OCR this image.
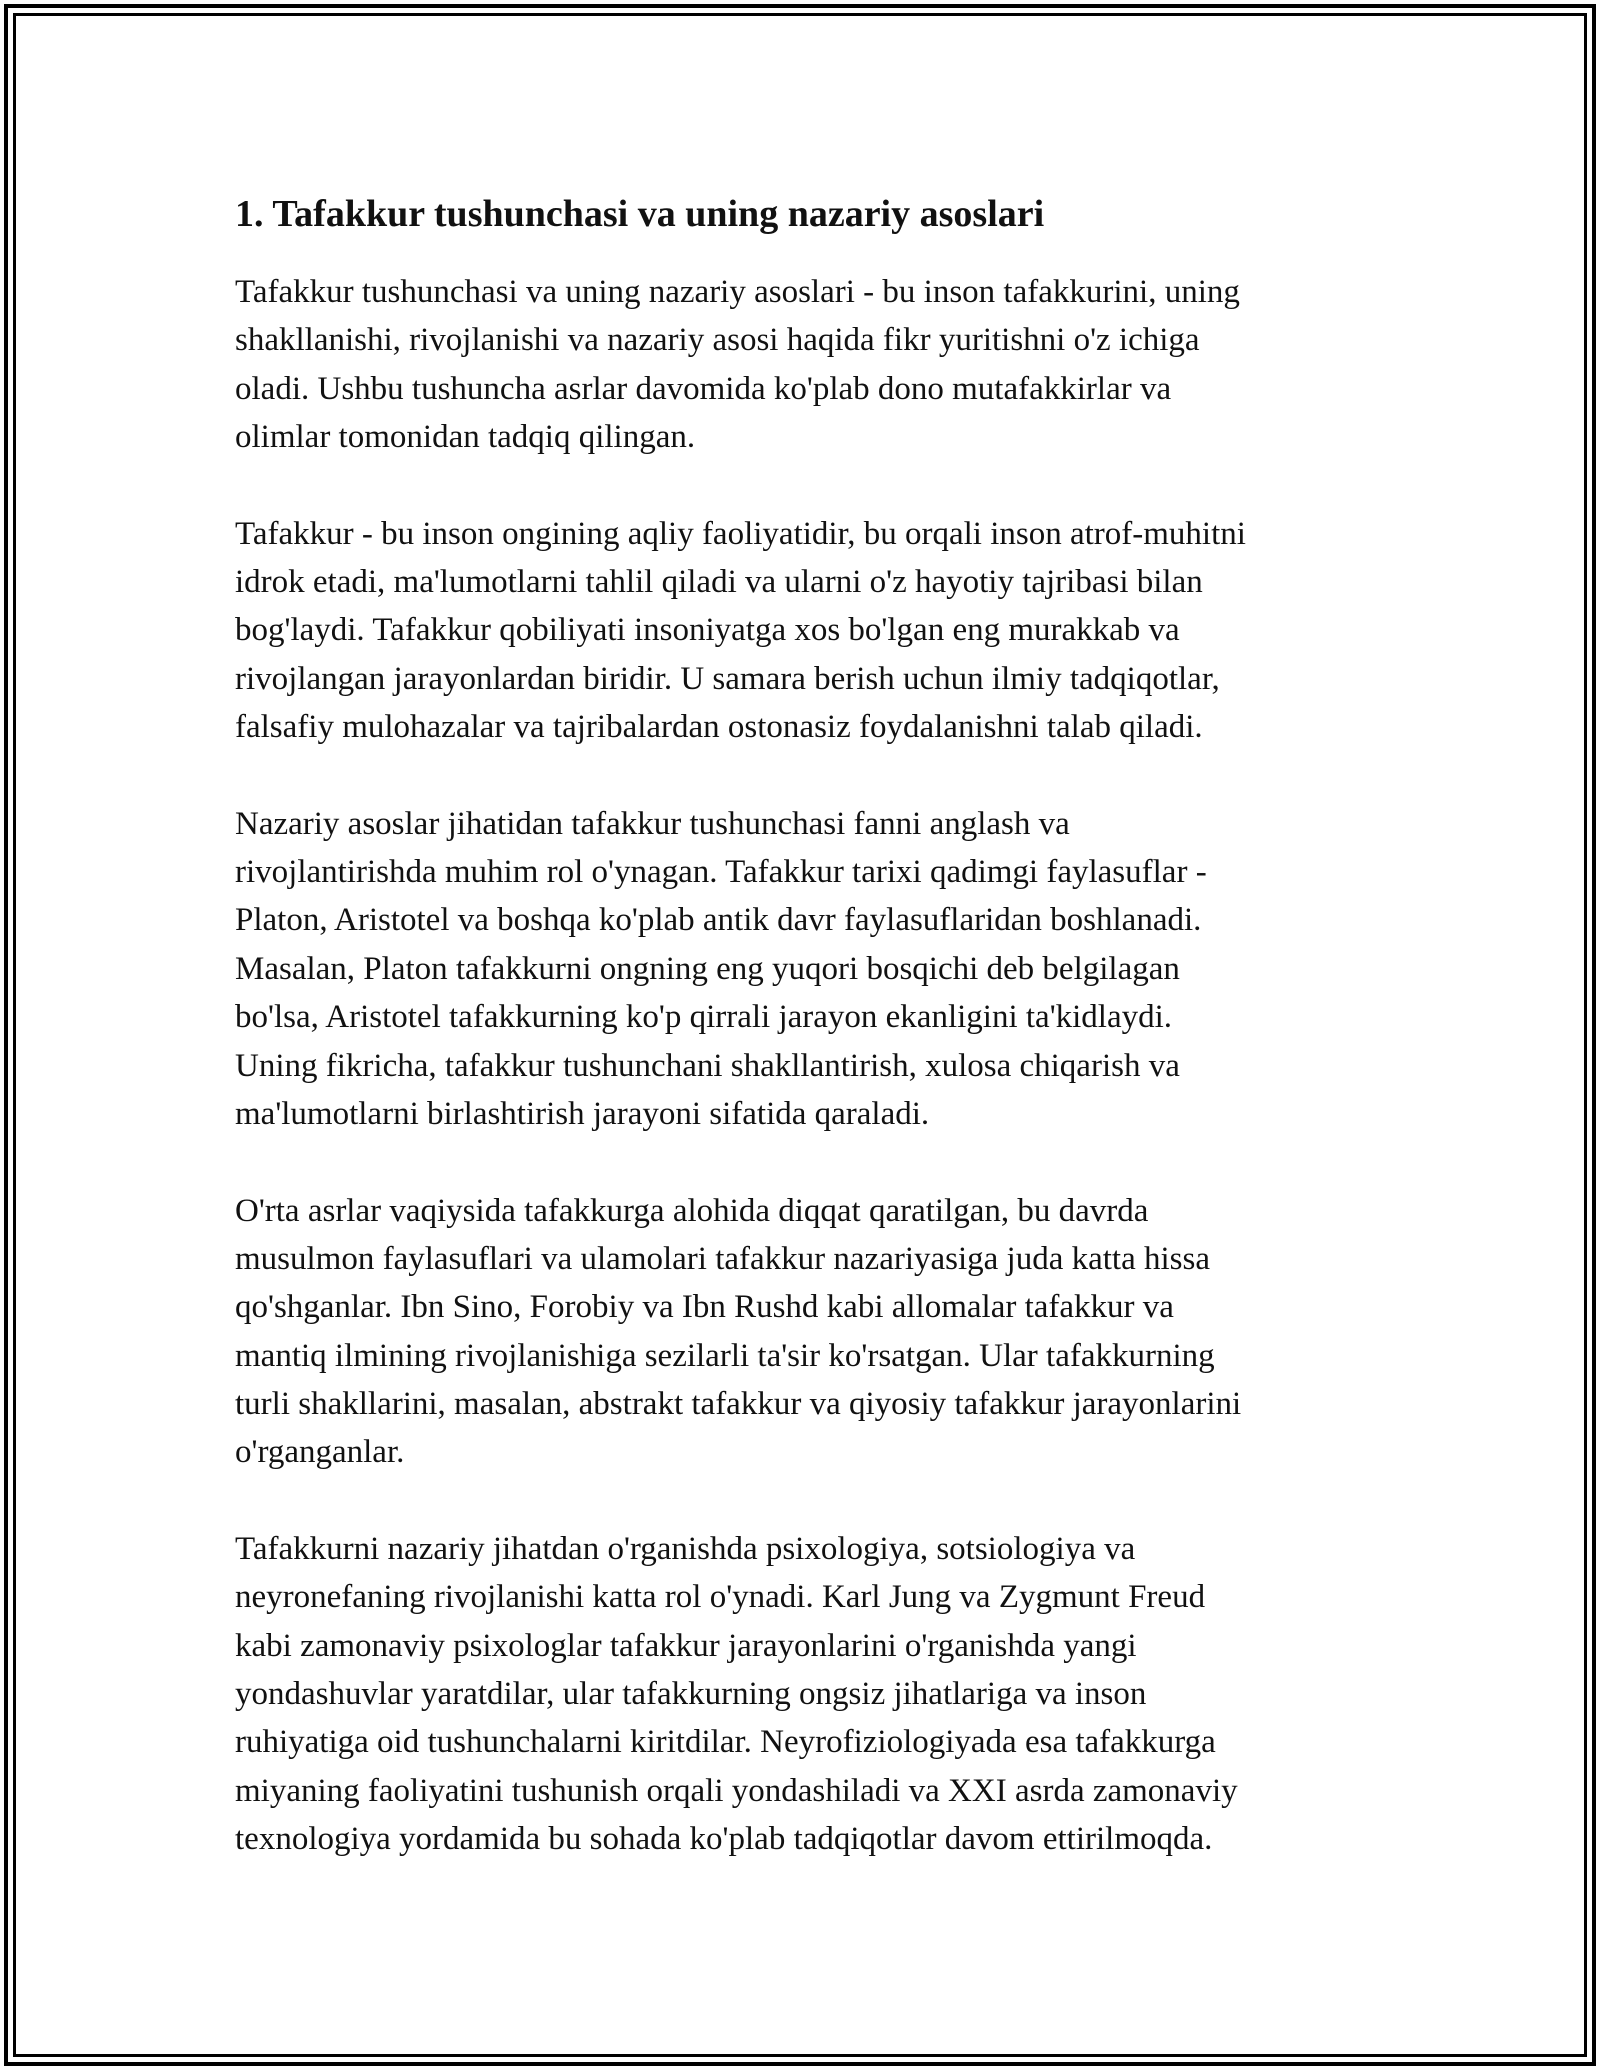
1. Tafakkur tushunchasi va uning nazariy asoslari

Tafakkur tushunchasi va uning nazariy asoslari - bu inson tafakkurini, uning
shakllanishi, rivojlanishi va nazariy asosi haqida fikr yuritishni o'z ichiga
oladi. Ushbu tushuncha asrlar davomida ko'plab dono mutafakkirlar va
olimlar tomonidan tadqiq qilingan.

Tafakkur - bu inson ongining aqliy faoliyatidir, bu orqali inson atrof-muhitni
idrok etadi, ma'lumotlarni tahlil qiladi va ularni o'z hayotiy tajribasi bilan
bog'laydi. Tafakkur qobiliyati insoniyatga xos bo'lgan eng murakkab va
rivojlangan jarayonlardan biridir. U samara berish uchun ilmiy tadqiqotlar,
falsafiy mulohazalar va tajribalardan ostonasiz foydalanishni talab qiladi.

Nazariy asoslar jihatidan tafakkur tushunchasi fanni anglash va
rivojlantirishda muhim rol o'ynagan. Tafakkur tarixi qadimgi faylasuflar -
Platon, Aristotel va boshqa ko'plab antik davr faylasuflaridan boshlanadi.
Masalan, Platon tafakkurni ongning eng yuqori bosqichi deb belgilagan
bo'lsa, Aristotel tafakkurning ko'p qirrali jarayon ekanligini ta'kidlaydi.
Uning fikricha, tafakkur tushunchani shakllantirish, xulosa chiqarish va
ma'lumotlarni birlashtirish jarayoni sifatida qaraladi.

O'rta asrlar vaqiysida tafakkurga alohida diqqat qaratilgan, bu davrda
musulmon faylasuflari va ulamolari tafakkur nazariyasiga juda katta hissa
qo'shganlar. Ibn Sino, Forobiy va Ibn Rushd kabi allomalar tafakkur va
mantiq ilmining rivojlanishiga sezilarli ta'sir ko'rsatgan. Ular tafakkurning
turli shakllarini, masalan, abstrakt tafakkur va qiyosiy tafakkur jarayonlarini
o'rganganlar.

Tafakkurni nazariy jihatdan o'rganishda psixologiya, sotsiologiya va
neyronefaning rivojlanishi katta rol o'ynadi. Karl Jung va Zygmunt Freud
kabi zamonaviy psixologlar tafakkur jarayonlarini o'rganishda yangi
yondashuvlar yaratdilar, ular tafakkurning ongsiz jihatlariga va inson
ruhiyatiga oid tushunchalarni kiritdilar. Neyrofiziologiyada esa tafakkurga
miyaning faoliyatini tushunish orqali yondashiladi va XXI asrda zamonaviy
texnologiya yordamida bu sohada ko'plab tadqiqotlar davom ettirilmoqda.
